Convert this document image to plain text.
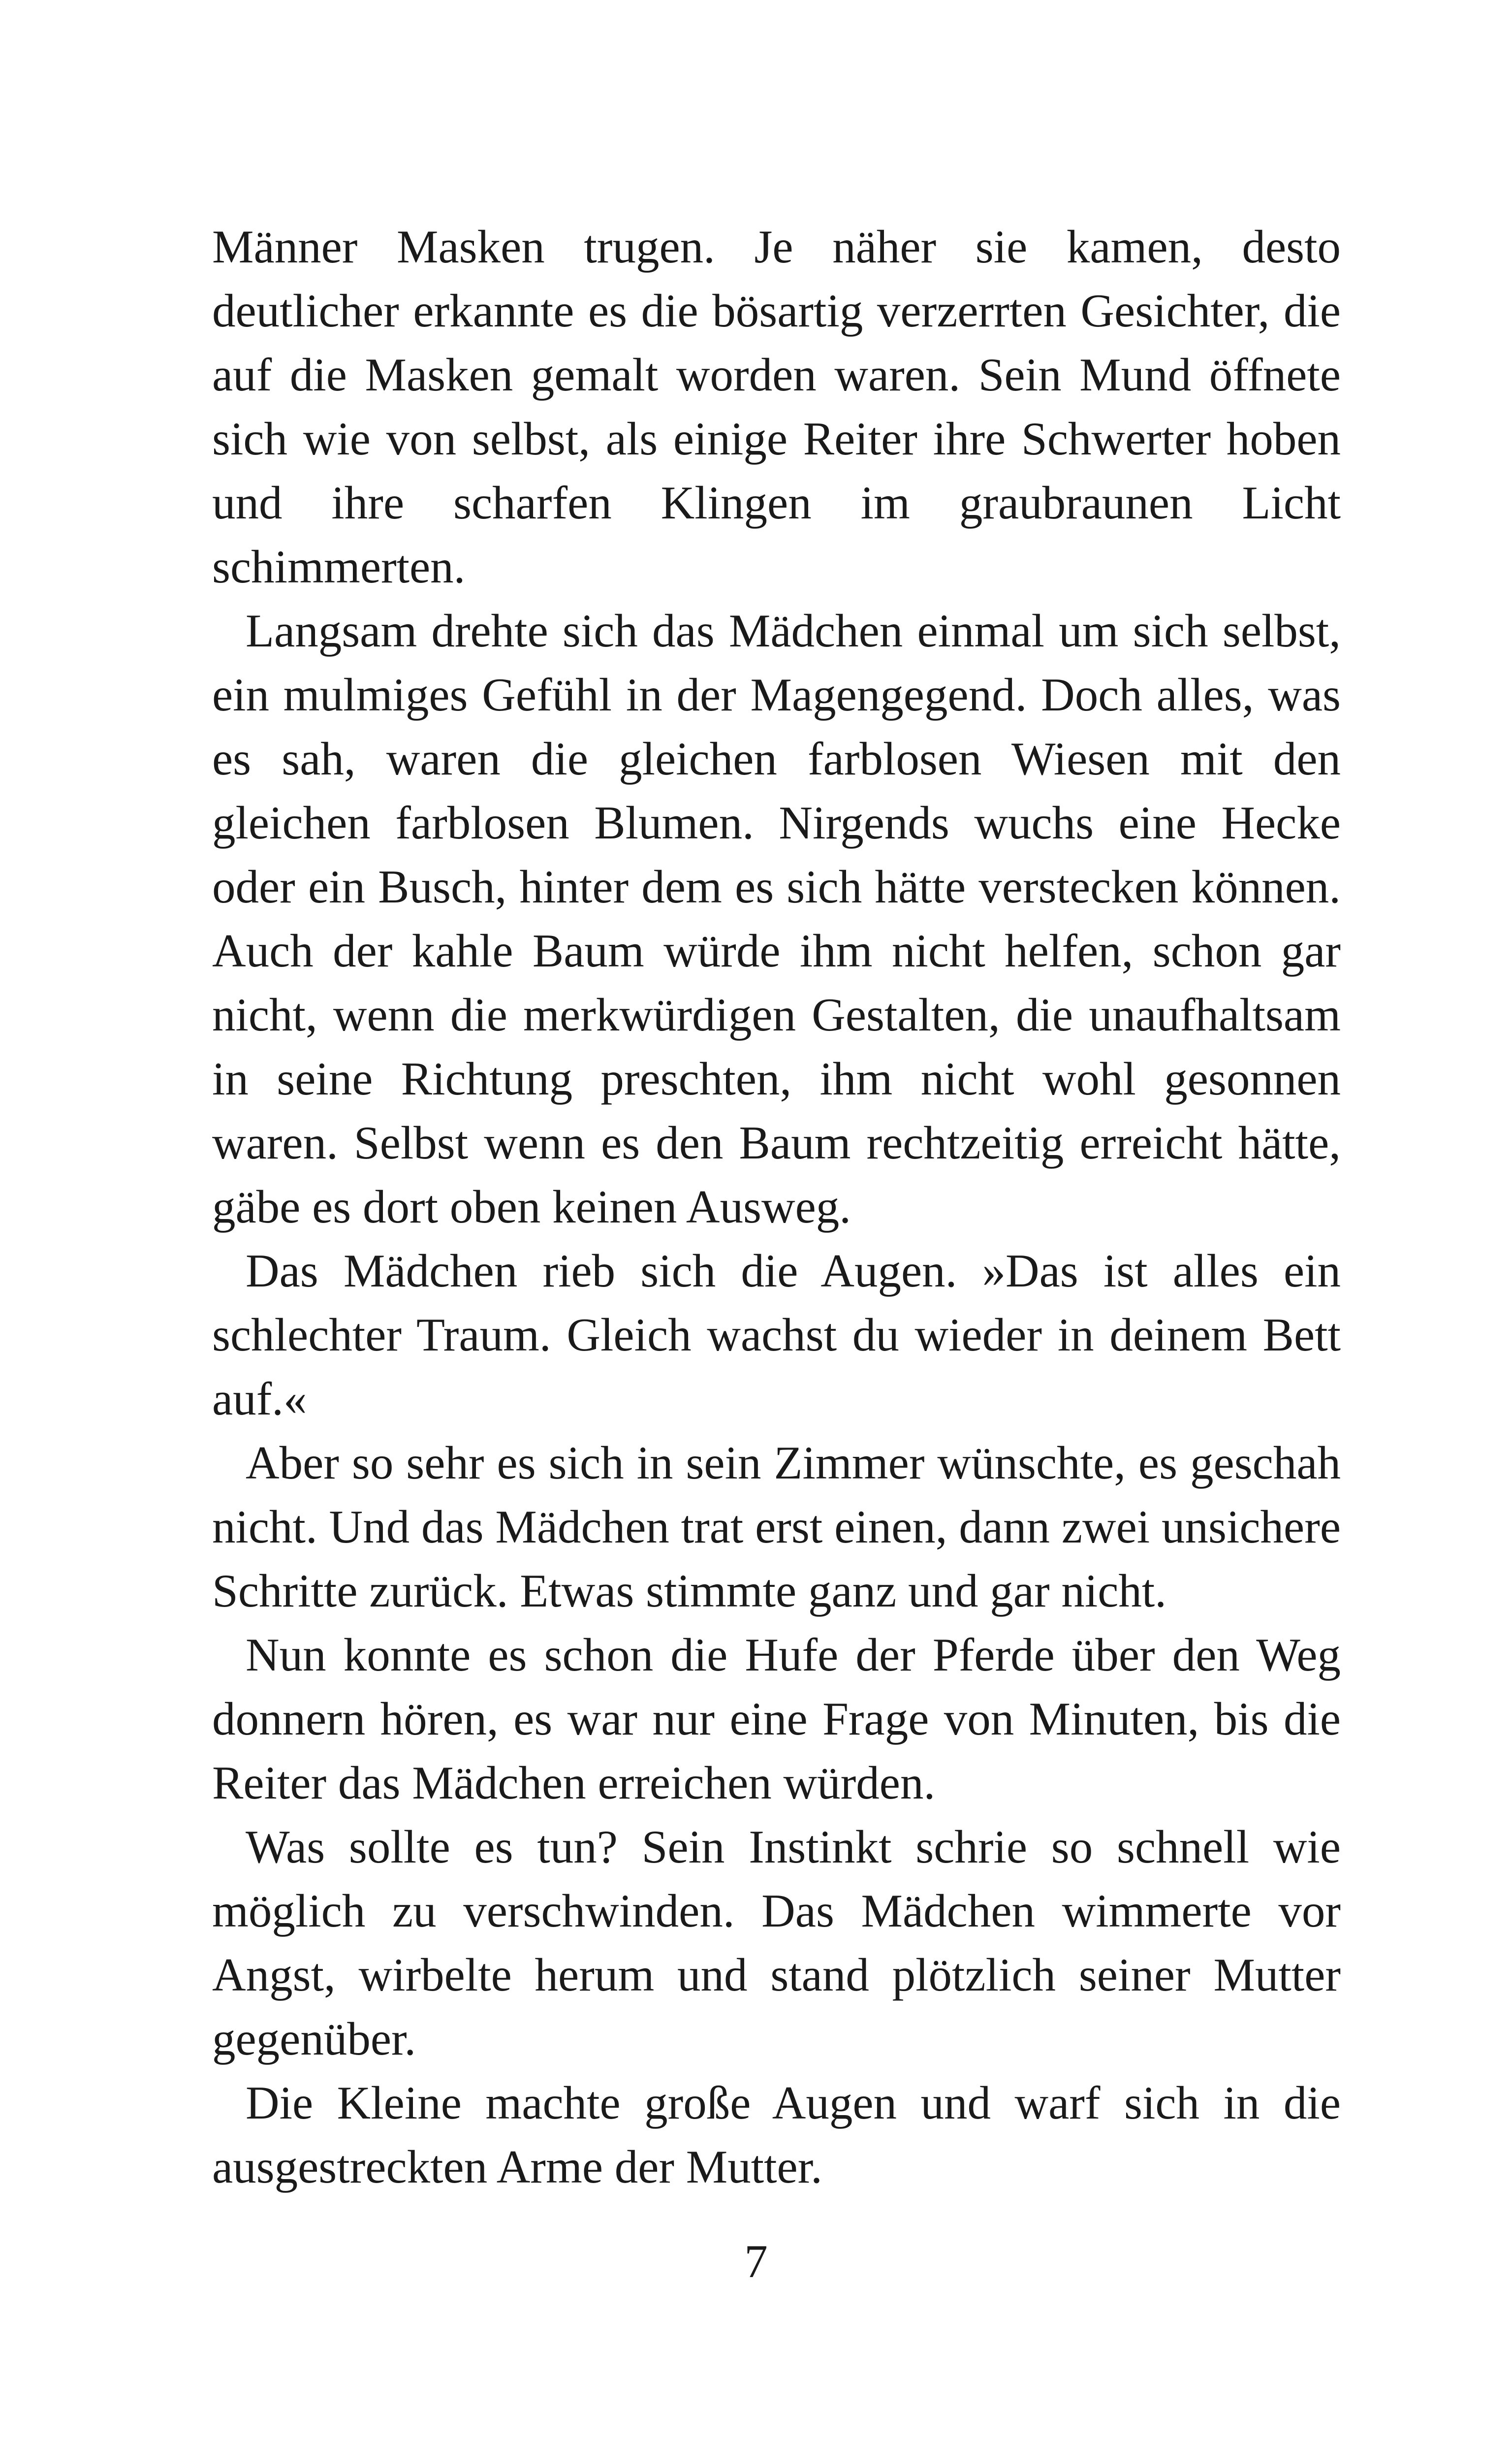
Männer Masken trugen. Je näher sie kamen, desto deutlicher erkannte es die bösartig verzerrten Gesichter, die auf die Masken gemalt worden waren. Sein Mund öffnete sich wie von selbst, als einige Reiter ihre Schwerter hoben und ihre scharfen Klingen im graubraunen Licht schimmerten.

Langsam drehte sich das Mädchen einmal um sich selbst, ein mulmiges Gefühl in der Magengegend. Doch alles, was es sah, waren die gleichen farblosen Wiesen mit den gleichen farblosen Blumen. Nirgends wuchs eine Hecke oder ein Busch, hinter dem es sich hätte verstecken können. Auch der kahle Baum würde ihm nicht helfen, schon gar nicht, wenn die merkwürdigen Gestalten, die unaufhaltsam in seine Richtung preschten, ihm nicht wohl gesonnen waren. Selbst wenn es den Baum rechtzeitig erreicht hätte, gäbe es dort oben keinen Ausweg.

Das Mädchen rieb sich die Augen. »Das ist alles ein schlechter Traum. Gleich wachst du wieder in deinem Bett auf.«

Aber so sehr es sich in sein Zimmer wünschte, es geschah nicht. Und das Mädchen trat erst einen, dann zwei unsichere Schritte zurück. Etwas stimmte ganz und gar nicht.

Nun konnte es schon die Hufe der Pferde über den Weg donnern hören, es war nur eine Frage von Minuten, bis die Reiter das Mädchen erreichen würden.

Was sollte es tun? Sein Instinkt schrie so schnell wie möglich zu verschwinden. Das Mädchen wimmerte vor Angst, wirbelte herum und stand plötzlich seiner Mutter gegenüber.

Die Kleine machte große Augen und warf sich in die ausgestreckten Arme der Mutter.

7
